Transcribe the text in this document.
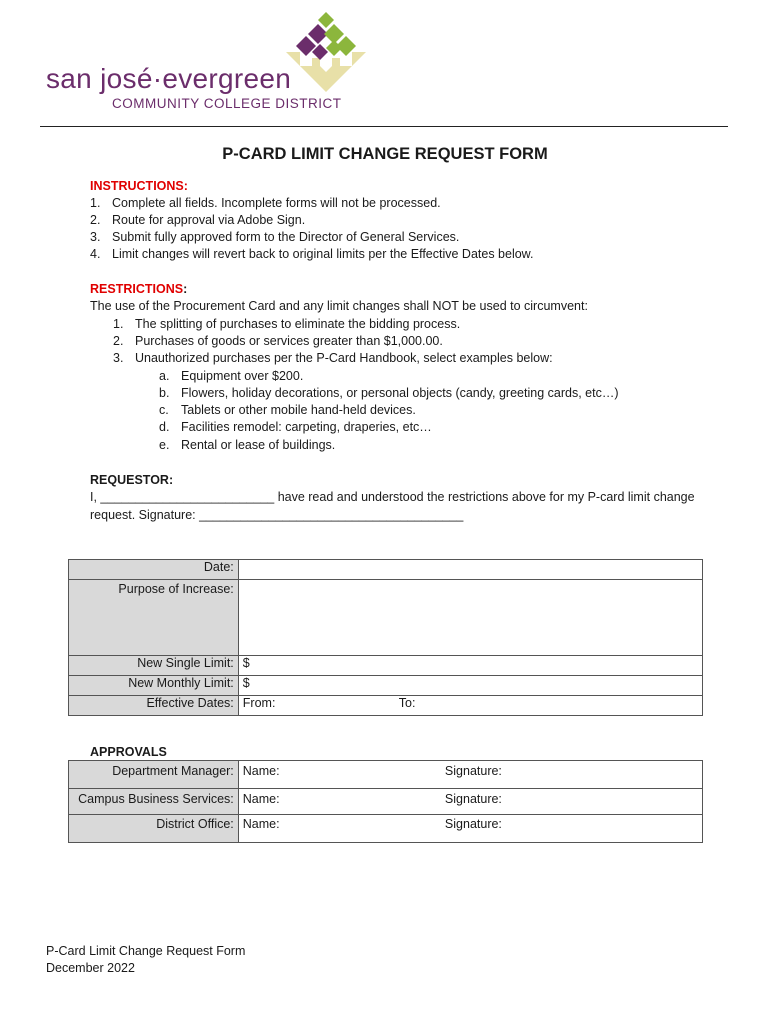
san josé·evergreen
COMMUNITY COLLEGE DISTRICT
P-CARD LIMIT CHANGE REQUEST FORM
INSTRUCTIONS:
1. Complete all fields. Incomplete forms will not be processed.
2. Route for approval via Adobe Sign.
3. Submit fully approved form to the Director of General Services.
4. Limit changes will revert back to original limits per the Effective Dates below.
RESTRICTIONS:
The use of the Procurement Card and any limit changes shall NOT be used to circumvent:
1. The splitting of purchases to eliminate the bidding process.
2. Purchases of goods or services greater than $1,000.00.
3. Unauthorized purchases per the P-Card Handbook, select examples below:
a. Equipment over $200.
b. Flowers, holiday decorations, or personal objects (candy, greeting cards, etc…)
c. Tablets or other mobile hand-held devices.
d. Facilities remodel: carpeting, draperies, etc…
e. Rental or lease of buildings.
REQUESTOR:
I, _________________________ have read and understood the restrictions above for my P-card limit change
request. Signature: ______________________________________
Date:	
Purpose of Increase:	
New Single Limit:	$
New Monthly Limit:	$
Effective Dates:	From: To:
APPROVALS
Department Manager:	Name:	Signature:
Campus Business Services:	Name:	Signature:
District Office:	Name:	Signature:
P-Card Limit Change Request Form
December 2022
